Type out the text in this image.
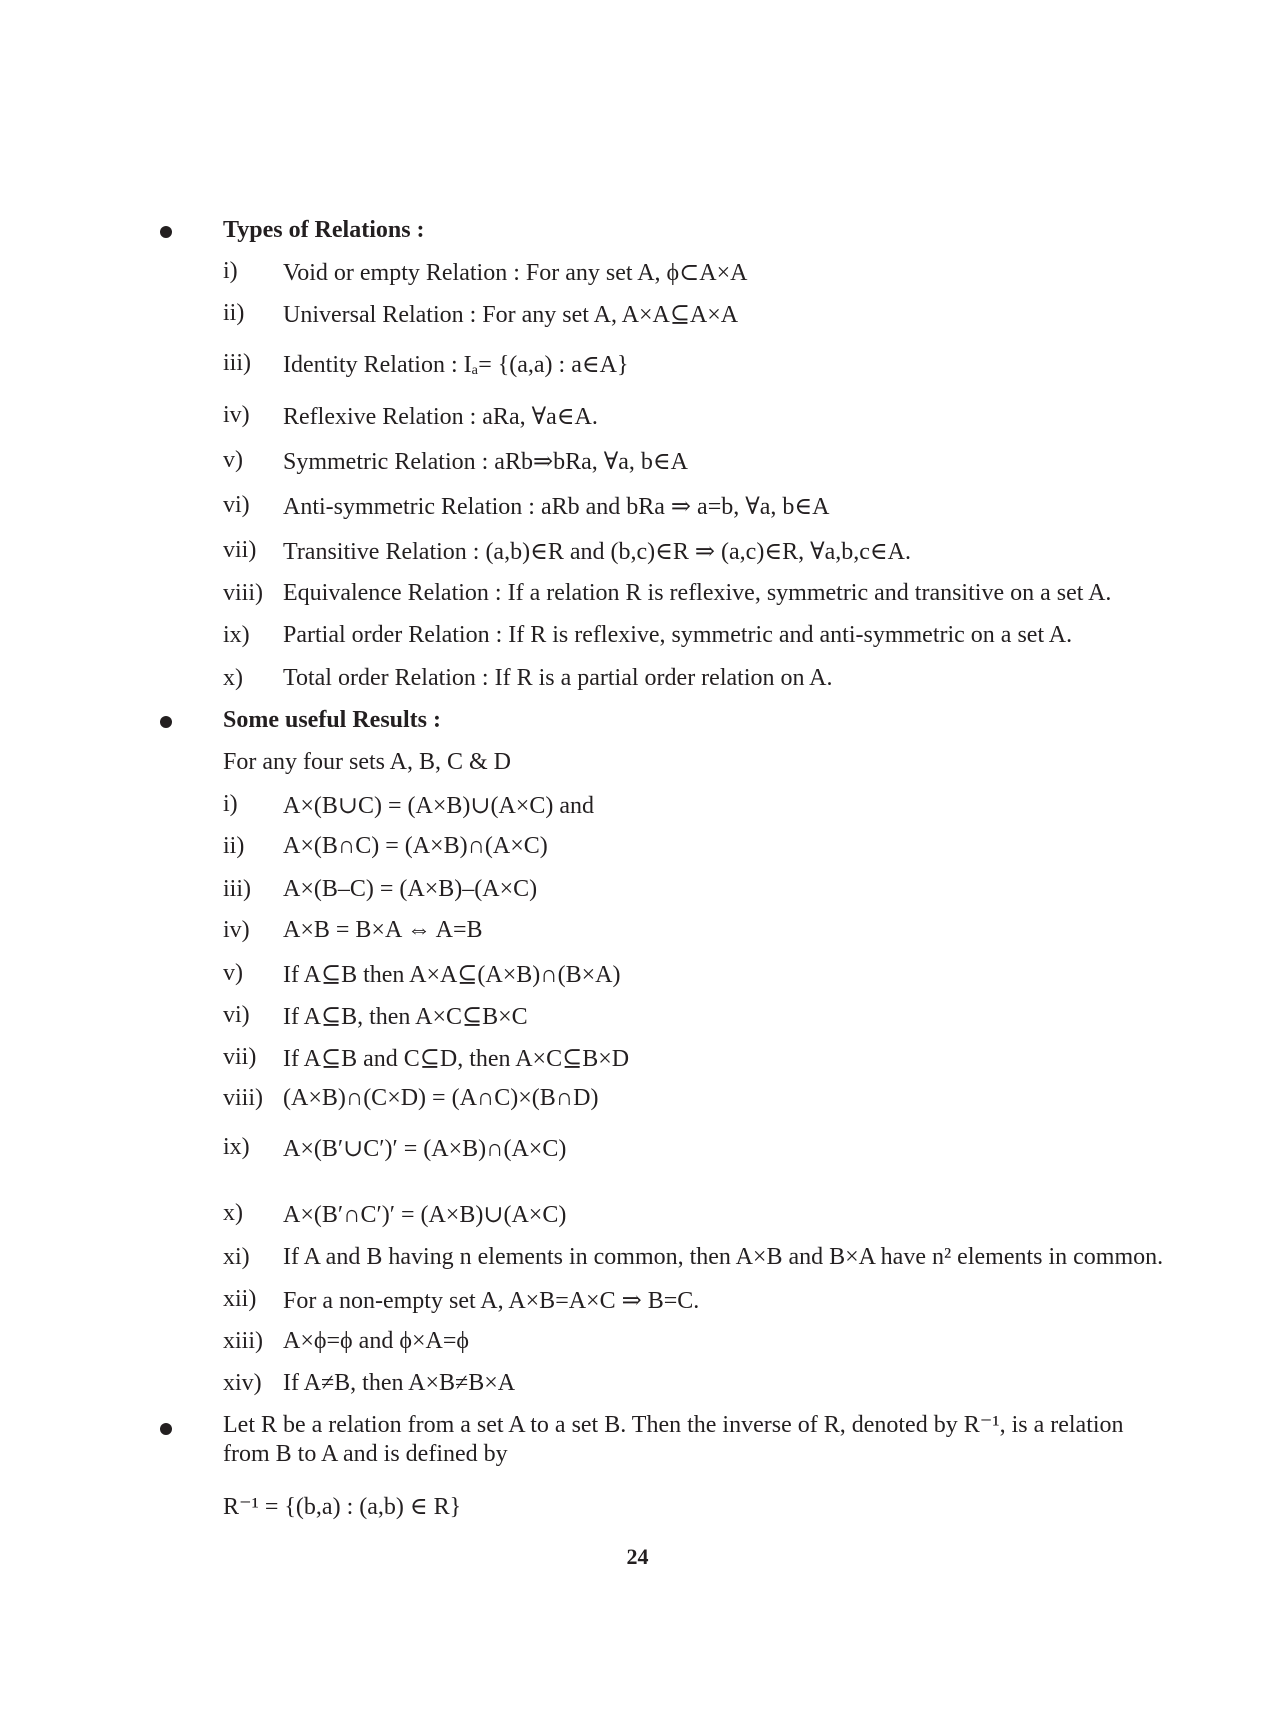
Types of Relations :
i) Void or empty Relation : For any set A, ϕ⊂A×A
ii) Universal Relation : For any set A, A×A⊆A×A
iii) Identity Relation : Iₐ= {(a,a) : a∈A}
iv) Reflexive Relation : aRa, ∀a∈A.
v) Symmetric Relation : aRb⇒bRa, ∀a, b∈A
vi) Anti-symmetric Relation : aRb and bRa ⇒ a=b, ∀a, b∈A
vii) Transitive Relation : (a,b)∈R and (b,c)∈R ⇒ (a,c)∈R, ∀a,b,c∈A.
viii) Equivalence Relation : If a relation R is reflexive, symmetric and transitive on a set A.
ix) Partial order Relation : If R is reflexive, symmetric and anti-symmetric on a set A.
x) Total order Relation : If R is a partial order relation on A.
Some useful Results :
For any four sets A, B, C & D
i) A×(B∪C) = (A×B)∪(A×C) and
ii) A×(B∩C) = (A×B)∩(A×C)
iii) A×(B–C) = (A×B)–(A×C)
iv) A×B = B×A ⇔ A=B
v) If A⊆B then A×A⊆(A×B)∩(B×A)
vi) If A⊆B, then A×C⊆B×C
vii) If A⊆B and C⊆D, then A×C⊆B×D
viii) (A×B)∩(C×D) = (A∩C)×(B∩D)
ix) A×(B′∪C′)′ = (A×B)∩(A×C)
x) A×(B′∩C′)′ = (A×B)∪(A×C)
xi) If A and B having n elements in common, then A×B and B×A have n² elements in common.
xii) For a non-empty set A, A×B=A×C ⇒ B=C.
xiii) A×ϕ=ϕ and ϕ×A=ϕ
xiv) If A≠B, then A×B≠B×A
Let R be a relation from a set A to a set B. Then the inverse of R, denoted by R⁻¹, is a relation from B to A and is defined by
R⁻¹ = {(b,a) : (a,b) ∈ R}
24
